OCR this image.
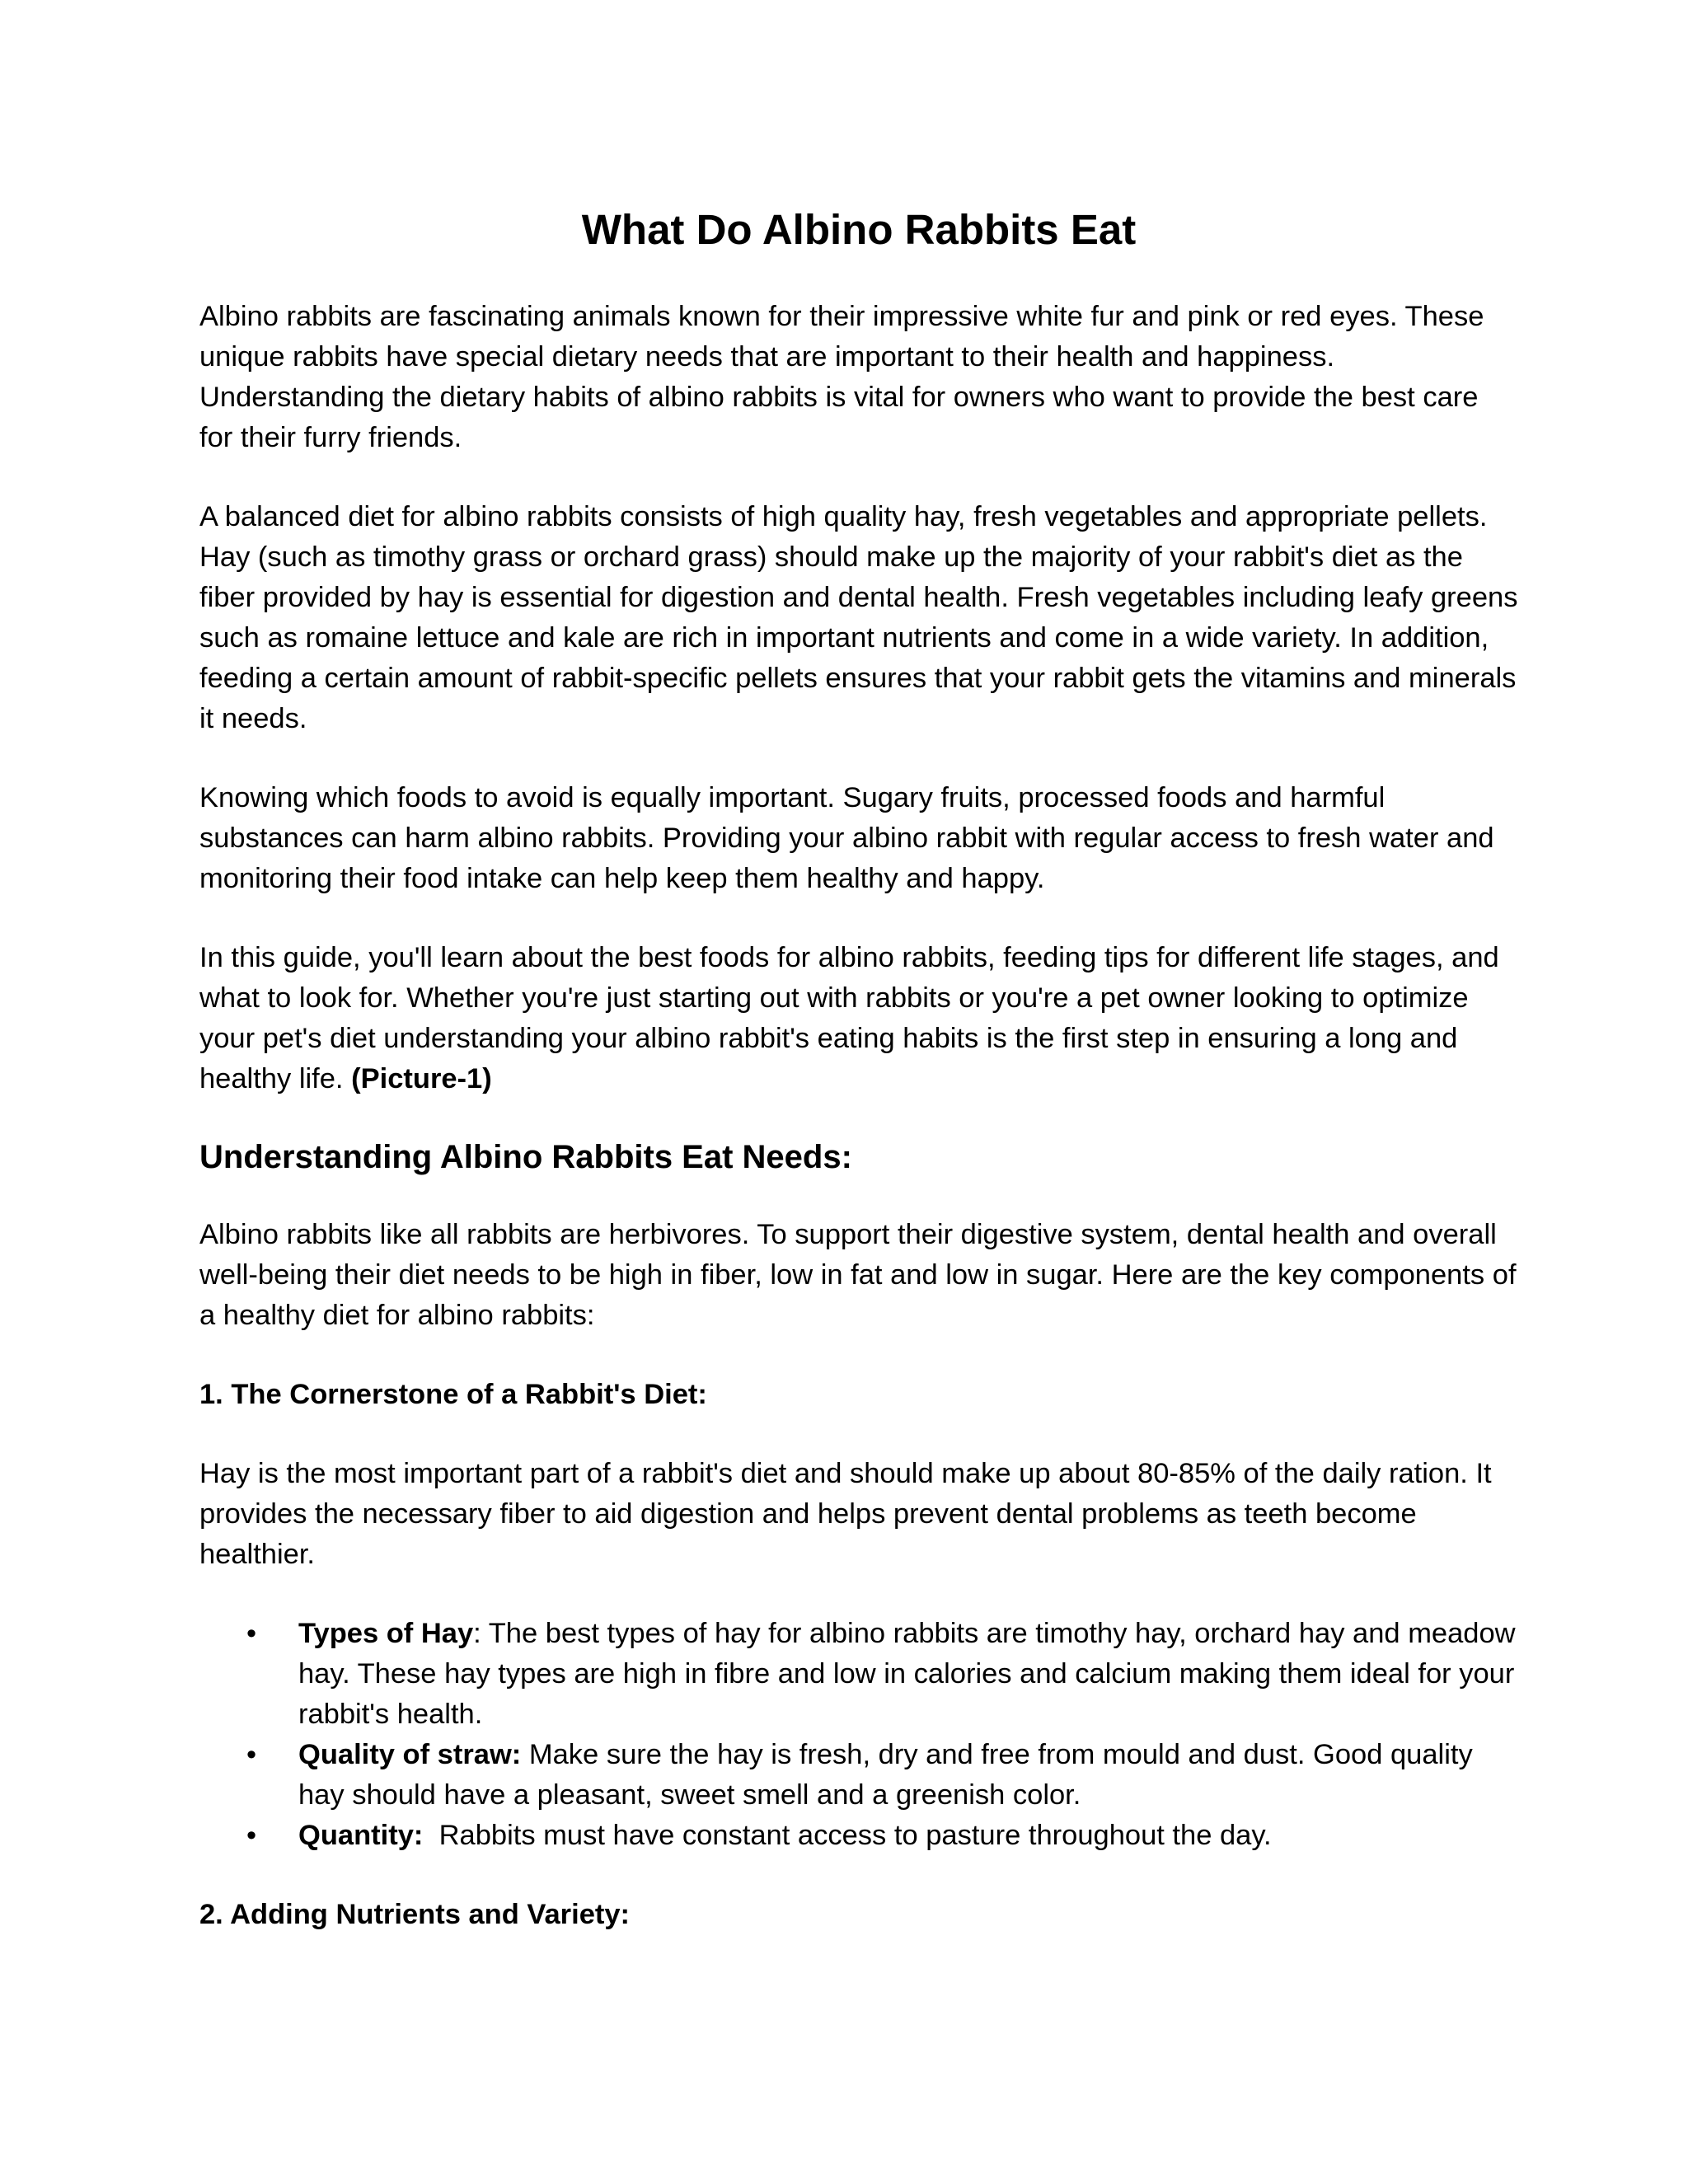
What Do Albino Rabbits Eat

Albino rabbits are fascinating animals known for their impressive white fur and pink or red eyes. These unique rabbits have special dietary needs that are important to their health and happiness. Understanding the dietary habits of albino rabbits is vital for owners who want to provide the best care for their furry friends.

A balanced diet for albino rabbits consists of high quality hay, fresh vegetables and appropriate pellets. Hay (such as timothy grass or orchard grass) should make up the majority of your rabbit's diet as the fiber provided by hay is essential for digestion and dental health. Fresh vegetables including leafy greens such as romaine lettuce and kale are rich in important nutrients and come in a wide variety. In addition, feeding a certain amount of rabbit-specific pellets ensures that your rabbit gets the vitamins and minerals it needs.

Knowing which foods to avoid is equally important. Sugary fruits, processed foods and harmful substances can harm albino rabbits. Providing your albino rabbit with regular access to fresh water and monitoring their food intake can help keep them healthy and happy.

In this guide, you'll learn about the best foods for albino rabbits, feeding tips for different life stages, and what to look for. Whether you're just starting out with rabbits or you're a pet owner looking to optimize your pet's diet understanding your albino rabbit's eating habits is the first step in ensuring a long and healthy life. (Picture-1)

Understanding Albino Rabbits Eat Needs:

Albino rabbits like all rabbits are herbivores. To support their digestive system, dental health and overall well-being their diet needs to be high in fiber, low in fat and low in sugar. Here are the key components of a healthy diet for albino rabbits:

1. The Cornerstone of a Rabbit's Diet:

Hay is the most important part of a rabbit's diet and should make up about 80-85% of the daily ration. It provides the necessary fiber to aid digestion and helps prevent dental problems as teeth become healthier.

• Types of Hay: The best types of hay for albino rabbits are timothy hay, orchard hay and meadow hay. These hay types are high in fibre and low in calories and calcium making them ideal for your rabbit's health.
• Quality of straw: Make sure the hay is fresh, dry and free from mould and dust. Good quality hay should have a pleasant, sweet smell and a greenish color.
• Quantity:  Rabbits must have constant access to pasture throughout the day.
2. Adding Nutrients and Variety:
